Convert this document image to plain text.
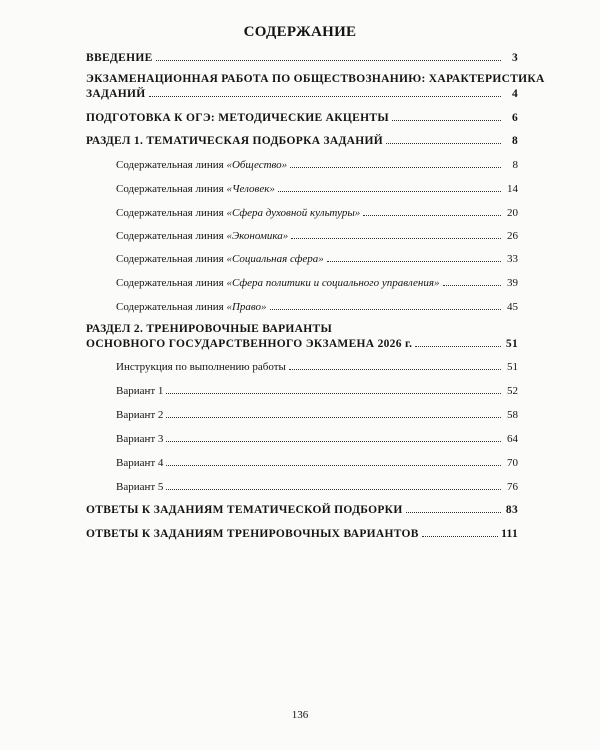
СОДЕРЖАНИЕ
ВВЕДЕНИЕ	3
ЭКЗАМЕНАЦИОННАЯ РАБОТА ПО ОБЩЕСТВОЗНАНИЮ: ХАРАКТЕРИСТИКА
ЗАДАНИЙ	4
ПОДГОТОВКА К ОГЭ: МЕТОДИЧЕСКИЕ АКЦЕНТЫ	6
РАЗДЕЛ 1. ТЕМАТИЧЕСКАЯ ПОДБОРКА ЗАДАНИЙ	8
Содержательная линия «Общество»	8
Содержательная линия «Человек»	14
Содержательная линия «Сфера духовной культуры»	20
Содержательная линия «Экономика»	26
Содержательная линия «Социальная сфера»	33
Содержательная линия «Сфера политики и социального управления»	39
Содержательная линия «Право»	45
РАЗДЕЛ 2. ТРЕНИРОВОЧНЫЕ ВАРИАНТЫ
ОСНОВНОГО ГОСУДАРСТВЕННОГО ЭКЗАМЕНА 2026 г.	51
Инструкция по выполнению работы	51
Вариант 1	52
Вариант 2	58
Вариант 3	64
Вариант 4	70
Вариант 5	76
ОТВЕТЫ К ЗАДАНИЯМ ТЕМАТИЧЕСКОЙ ПОДБОРКИ	83
ОТВЕТЫ К ЗАДАНИЯМ ТРЕНИРОВОЧНЫХ ВАРИАНТОВ	111
136
